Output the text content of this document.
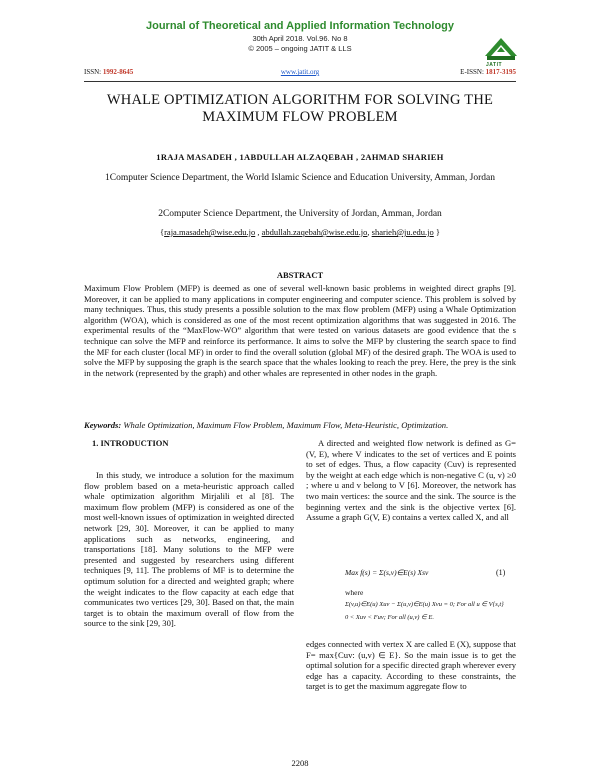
Journal of Theoretical and Applied Information Technology
30th April 2018. Vol.96. No 8
© 2005 – ongoing JATIT & LLS
JATIT
ISSN: 1992-8645	www.jatit.org	E-ISSN: 1817-3195
WHALE OPTIMIZATION ALGORITHM FOR SOLVING THE
MAXIMUM FLOW PROBLEM
1RAJA MASADEH , 1ABDULLAH ALZAQEBAH , 2AHMAD SHARIEH
1Computer Science Department, the World Islamic Science and Education University, Amman, Jordan
2Computer Science Department, the University of Jordan, Amman, Jordan
{raja.masadeh@wise.edu.jo , abdullah.zaqebah@wise.edu.jo, sharieh@ju.edu.jo }
ABSTRACT
Maximum Flow Problem (MFP) is deemed as one of several well-known basic problems in weighted direct graphs [9]. Moreover, it can be applied to many applications in computer engineering and computer science. This problem is solved by many techniques. Thus, this study presents a possible solution to the max flow problem (MFP) using a Whale Optimization algorithm (WOA), which is considered as one of the most recent optimization algorithms that was suggested in 2016. The experimental results of the “MaxFlow-WO” algorithm that were tested on various datasets are good evidence that the s technique can solve the MFP and reinforce its performance. It aims to solve the MFP by clustering the search space to find the MF for each cluster (local MF) in order to find the overall solution (global MF) of the desired graph. The WOA is used to solve the MFP by supposing the graph is the search space that the whales looking to reach the prey. Here, the prey is the sink in the network (represented by the graph) and other whales are represented in other nodes in the graph.
Keywords: Whale Optimization, Maximum Flow Problem, Maximum Flow, Meta-Heuristic, Optimization.
1. INTRODUCTION
In this study, we introduce a solution for the maximum flow problem based on a meta-heuristic approach called whale optimization algorithm Mirjalili et al [8]. The maximum flow problem (MFP) is considered as one of the most well-known issues of optimization in weighted directed network [29, 30]. Moreover, it can be applied to many applications such as networks, engineering, and transportations [18]. Many solutions to the MFP were presented and suggested by researchers using different techniques [9, 11]. The problems of MF is to determine the optimum solution for a directed and weighted graph; where the weight indicates to the flow capacity at each edge that communicates two vertices [29, 30]. Based on that, the main target is to obtain the maximum overall of flow from the source to the sink [29, 30].
A directed and weighted flow network is defined as G= (V, E), where V indicates to the set of vertices and E points to set of edges. Thus, a flow capacity (Cuv) is represented by the weight at each edge which is non-negative C (u, v) ≥0 ; where u and v belong to V [6]. Moreover, the network has two main vertices: the source and the sink. The source is the beginning vertex and the sink is the objective vertex [6]. Assume a graph G(V, E) contains a vertex called X, and all
Max f(s) = Σ(s,v)∈E(s) Xsv	(1)
where
Σ(v,u)∈E(u) Xuv − Σ(u,v)∈E(u) Xvu = 0; For all u ∈ V{s,t}
0 < Xuv < Fuv; For all (u,v) ∈ E.
edges connected with vertex X are called E (X), suppose that F= max{Cuv: (u,v) ∈ E}. So the main issue is to get the optimal solution for a specific directed graph wherever every edge has a capacity. According to these constraints, the target is to get the maximum aggregate flow to
2208
